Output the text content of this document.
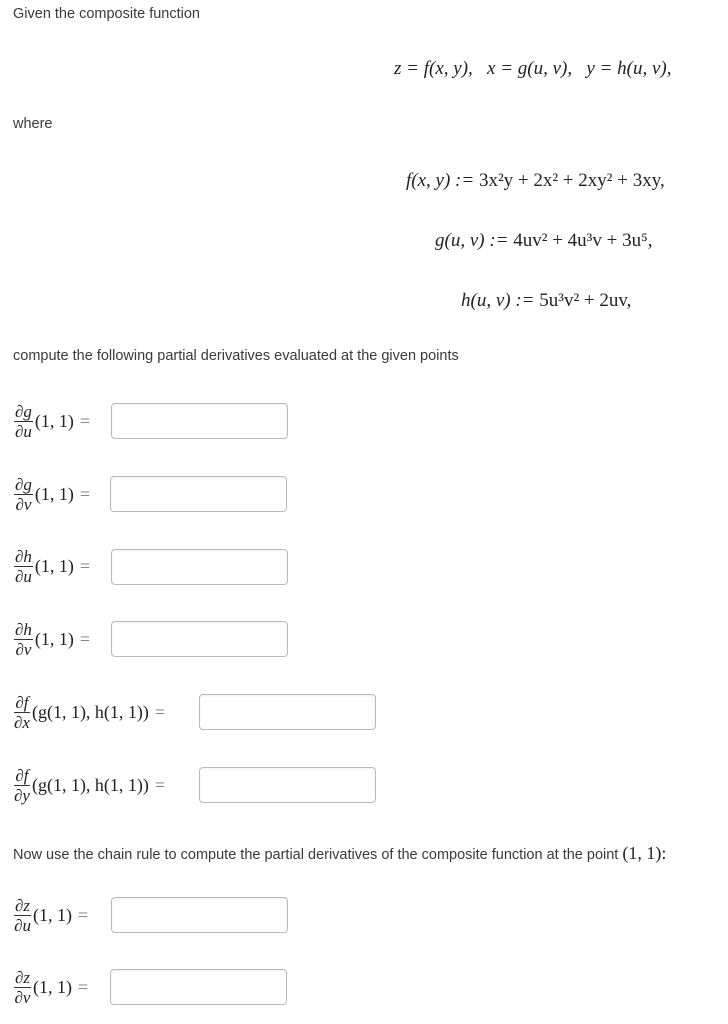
Given the composite function
z = f(x, y), x = g(u, v), y = h(u, v),
where
f(x, y) := 3x²y + 2x² + 2xy² + 3xy,
g(u, v) := 4uv² + 4u³v + 3u⁵,
h(u, v) := 5u³v² + 2uv,
compute the following partial derivatives evaluated at the given points
$\frac{\partial g}{\partial u} (1$, 1) =
$\frac{\partial g}{\partial v} (1$, 1) =
$\frac{\partial h}{\partial u} (1$, 1) =
$\frac{\partial h}{\partial v} (1$, 1) =
$\frac{\partial f}{\partial x} (g(1$, 1), h(1, 1)) =
$\frac{\partial f}{\partial y} (g(1$, 1), h(1, 1)) =
Now use the chain rule to compute the partial derivatives of the composite function at the point (1, 1):
$\frac{\partial z}{\partial u} (1$, 1) =
$\frac{\partial z}{\partial v} (1$, 1) =
